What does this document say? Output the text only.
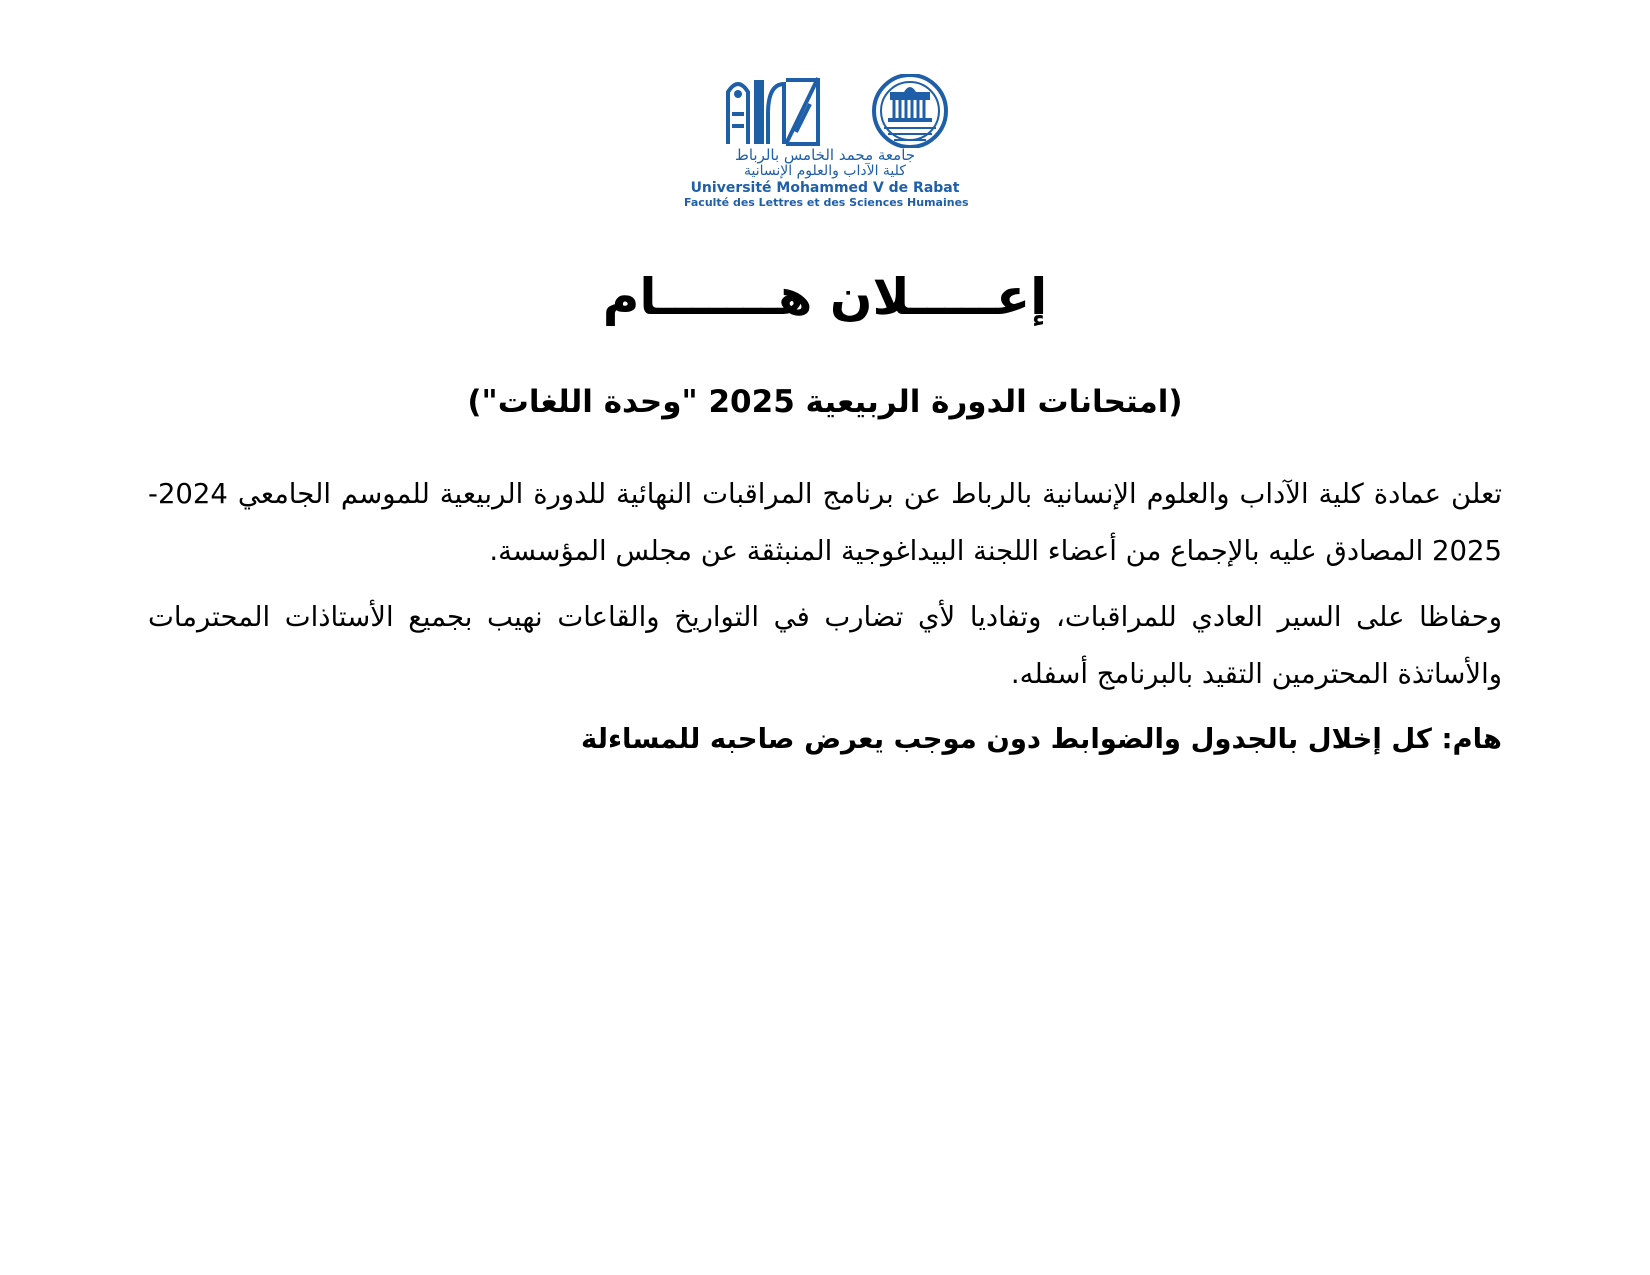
جامعة محمد الخامس بالرباط
كلية الآداب والعلوم الإنسانية
Université Mohammed V de Rabat
Faculté des Lettres et des Sciences Humaines
إعـــــلان هـــــــام
(امتحانات الدورة الربيعية 2025 "وحدة اللغات")

تعلن عمادة كلية الآداب والعلوم الإنسانية بالرباط عن برنامج المراقبات النهائية للدورة الربيعية للموسم الجامعي 2024-2025 المصادق عليه بالإجماع من أعضاء اللجنة البيداغوجية المنبثقة عن مجلس المؤسسة.

وحفاظا على السير العادي للمراقبات، وتفاديا لأي تضارب في التواريخ والقاعات نهيب بجميع الأستاذات المحترمات والأساتذة المحترمين التقيد بالبرنامج أسفله.

هام: كل إخلال بالجدول والضوابط دون موجب يعرض صاحبه للمساءلة
